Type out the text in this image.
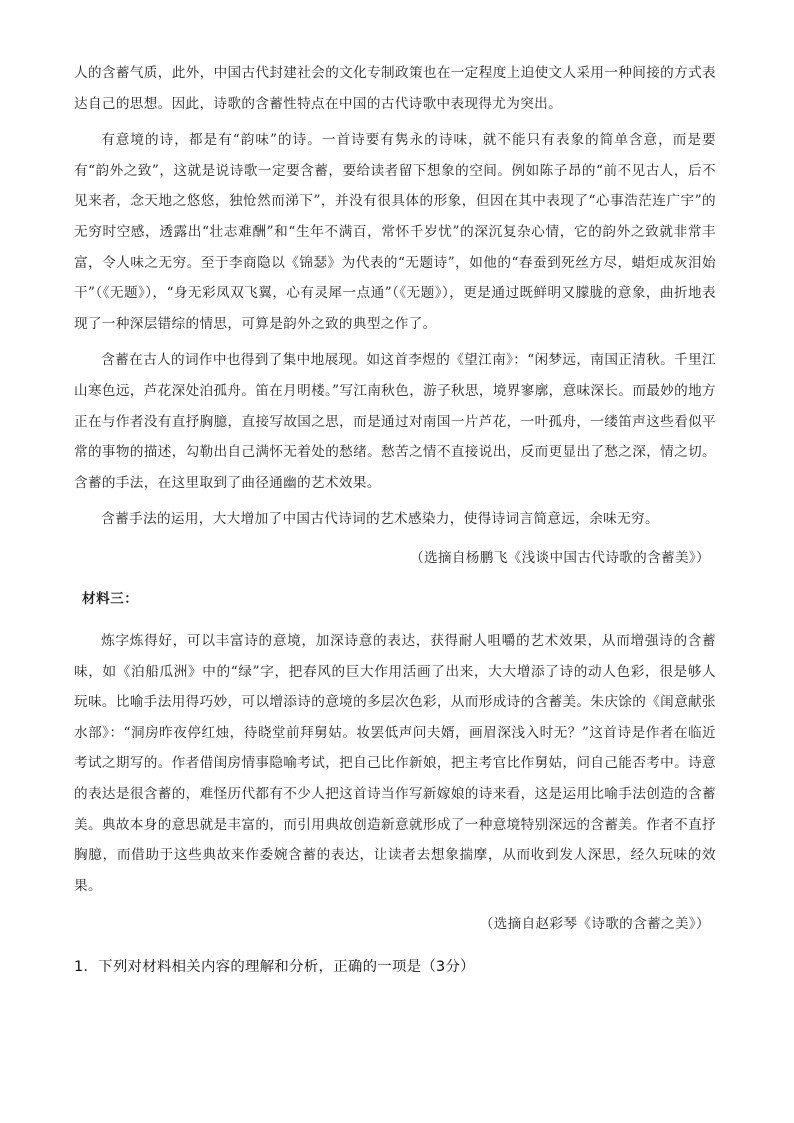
人的含蓄气质，此外，中国古代封建社会的文化专制政策也在一定程度上迫使文人采用一种间接的方式表达自己的思想。因此，诗歌的含蓄性特点在中国的古代诗歌中表现得尤为突出。

有意境的诗，都是有“韵味”的诗。一首诗要有隽永的诗味，就不能只有表象的简单含意，而是要有“韵外之致”，这就是说诗歌一定要含蓄，要给读者留下想象的空间。例如陈子昂的“前不见古人，后不见来者，念天地之悠悠，独怆然而涕下”，并没有很具体的形象，但因在其中表现了“心事浩茫连广宇”的无穷时空感，透露出“壮志难酬”和“生年不满百，常怀千岁忧”的深沉复杂心情，它的韵外之致就非常丰富，令人味之无穷。至于李商隐以《锦瑟》为代表的“无题诗”，如他的“春蚕到死丝方尽，蜡炬成灰泪始干”（《无题》），“身无彩凤双飞翼，心有灵犀一点通”（《无题》），更是通过既鲜明又朦胧的意象，曲折地表现了一种深层错综的情思，可算是韵外之致的典型之作了。

含蓄在古人的词作中也得到了集中地展现。如这首李煜的《望江南》：“闲梦远，南国正清秋。千里江山寒色远，芦花深处泊孤舟。笛在月明楼。”写江南秋色，游子秋思，境界寥廓，意味深长。而最妙的地方正在与作者没有直抒胸臆，直接写故国之思，而是通过对南国一片芦花，一叶孤舟，一缕笛声这些看似平常的事物的描述，勾勒出自己满怀无着处的愁绪。愁苦之情不直接说出，反而更显出了愁之深，情之切。含蓄的手法，在这里取到了曲径通幽的艺术效果。

含蓄手法的运用，大大增加了中国古代诗词的艺术感染力，使得诗词言简意远，余味无穷。

（选摘自杨鹏飞《浅谈中国古代诗歌的含蓄美》）
材料三：

炼字炼得好，可以丰富诗的意境，加深诗意的表达，获得耐人咀嚼的艺术效果，从而增强诗的含蓄味，如《泊船瓜洲》中的“绿”字，把春风的巨大作用活画了出来，大大增添了诗的动人色彩，很是够人玩味。比喻手法用得巧妙，可以增添诗的意境的多层次色彩，从而形成诗的含蓄美。朱庆馀的《闺意献张水部》：“洞房昨夜停红烛，待晓堂前拜舅姑。妆罢低声问夫婿，画眉深浅入时无？”这首诗是作者在临近考试之期写的。作者借闺房情事隐喻考试，把自己比作新娘，把主考官比作舅姑，问自己能否考中。诗意的表达是很含蓄的，难怪历代都有不少人把这首诗当作写新嫁娘的诗来看，这是运用比喻手法创造的含蓄美。典故本身的意思就是丰富的，而引用典故创造新意就形成了一种意境特别深远的含蓄美。作者不直抒胸臆，而借助于这些典故来作委婉含蓄的表达，让读者去想象揣摩，从而收到发人深思，经久玩味的效果。

（选摘自赵彩琴《诗歌的含蓄之美》）
1．下列对材料相关内容的理解和分析，正确的一项是（3分）
